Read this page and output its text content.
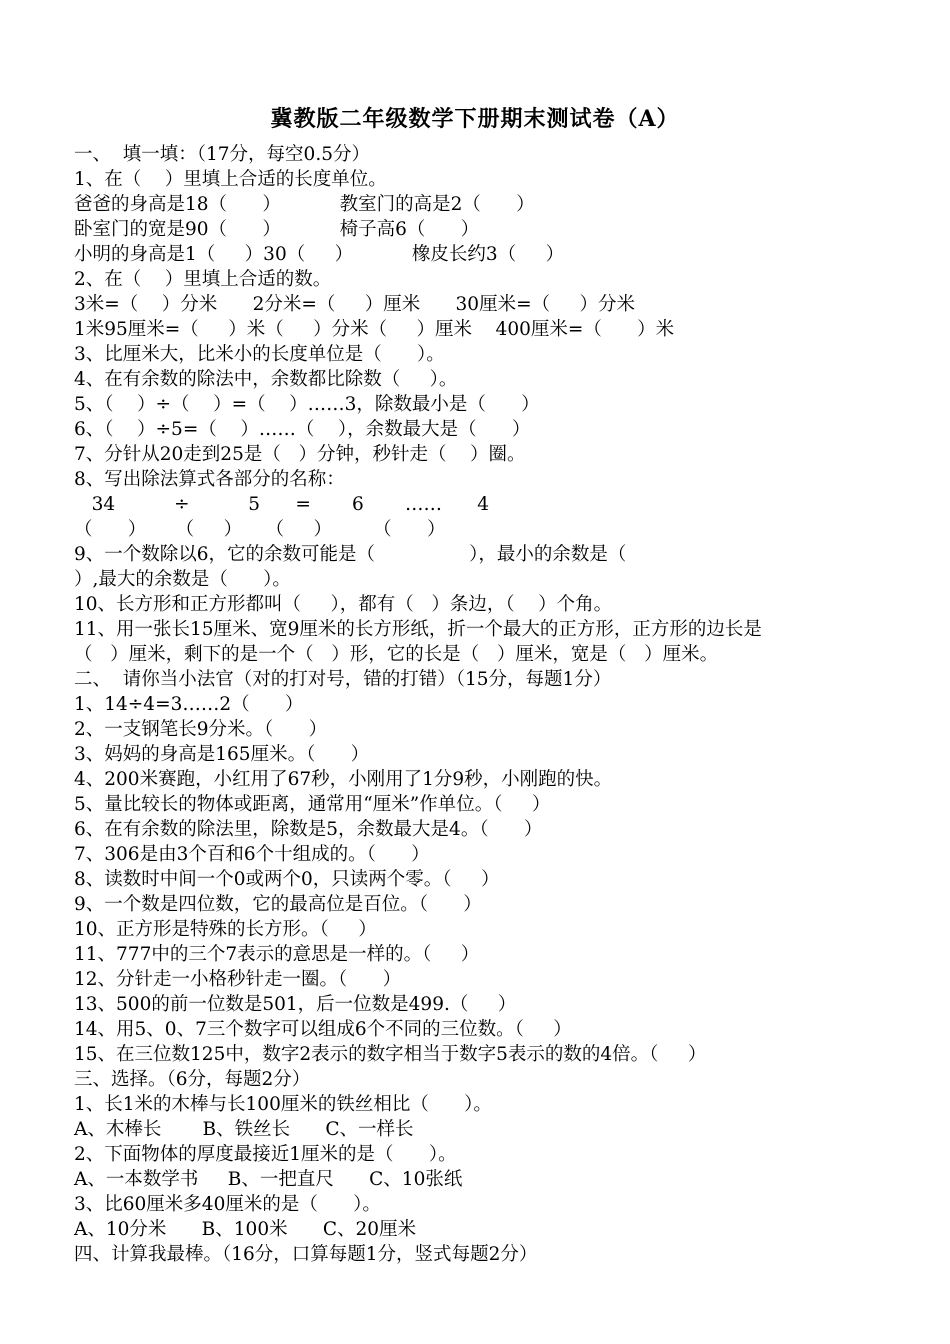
冀教版二年级数学下册期末测试卷（A）
一、  填一填：（17分，每空0.5分）
1、在（    ）里填上合适的长度单位。
爸爸的身高是18（      ）          教室门的高是2（      ）
卧室门的宽是90（      ）          椅子高6（      ）
小明的身高是1（     ）30（     ）          橡皮长约3（     ）
2、在（    ）里填上合适的数。
3米=（    ）分米      2分米=（     ）厘米      30厘米=（     ）分米
1米95厘米=（     ）米（     ）分米（     ）厘米    400厘米=（      ）米
3、比厘米大，比米小的长度单位是（      ）。
4、在有余数的除法中，余数都比除数（     ）。
5、（    ）÷（    ）=（    ）……3，除数最小是（      ）
6、（    ）÷5=（    ）……（    ），余数最大是（      ）
7、分针从20走到25是（   ）分钟，秒针走（    ）圈。
8、写出除法算式各部分的名称：
34          ÷          5      =       6       ……      4
（      ）     （     ）    （     ）       （      ）
9、一个数除以6，它的余数可能是（                ），最小的余数是（
）,最大的余数是（      ）。
10、长方形和正方形都叫（     ），都有（   ）条边，（    ）个角。
11、用一张长15厘米、宽9厘米的长方形纸，折一个最大的正方形，正方形的边长是
（   ）厘米，剩下的是一个（   ）形，它的长是（   ）厘米，宽是（   ）厘米。
二、  请你当小法官（对的打对号，错的打错）（15分，每题1分）
1、14÷4=3……2（      ）
2、一支钢笔长9分米。（      ）
3、妈妈的身高是165厘米。（      ）
4、200米赛跑，小红用了67秒，小刚用了1分9秒，小刚跑的快。
5、量比较长的物体或距离，通常用“厘米”作单位。（     ）
6、在有余数的除法里，除数是5，余数最大是4。（      ）
7、306是由3个百和6个十组成的。（      ）
8、读数时中间一个0或两个0，只读两个零。（     ）
9、一个数是四位数，它的最高位是百位。（      ）
10、正方形是特殊的长方形。（     ）
11、777中的三个7表示的意思是一样的。（     ）
12、分针走一小格秒针走一圈。（      ）
13、500的前一位数是501，后一位数是499.（     ）
14、用5、0、7三个数字可以组成6个不同的三位数。（     ）
15、在三位数125中，数字2表示的数字相当于数字5表示的数的4倍。（     ）
三、选择。（6分，每题2分）
1、长1米的木棒与长100厘米的铁丝相比（      ）。
A、木棒长       B、铁丝长      C、一样长
2、下面物体的厚度最接近1厘米的是（      ）。
A、一本数学书     B、一把直尺      C、10张纸
3、比60厘米多40厘米的是（      ）。
A、10分米      B、100米      C、20厘米
四、计算我最棒。（16分，口算每题1分，竖式每题2分）
